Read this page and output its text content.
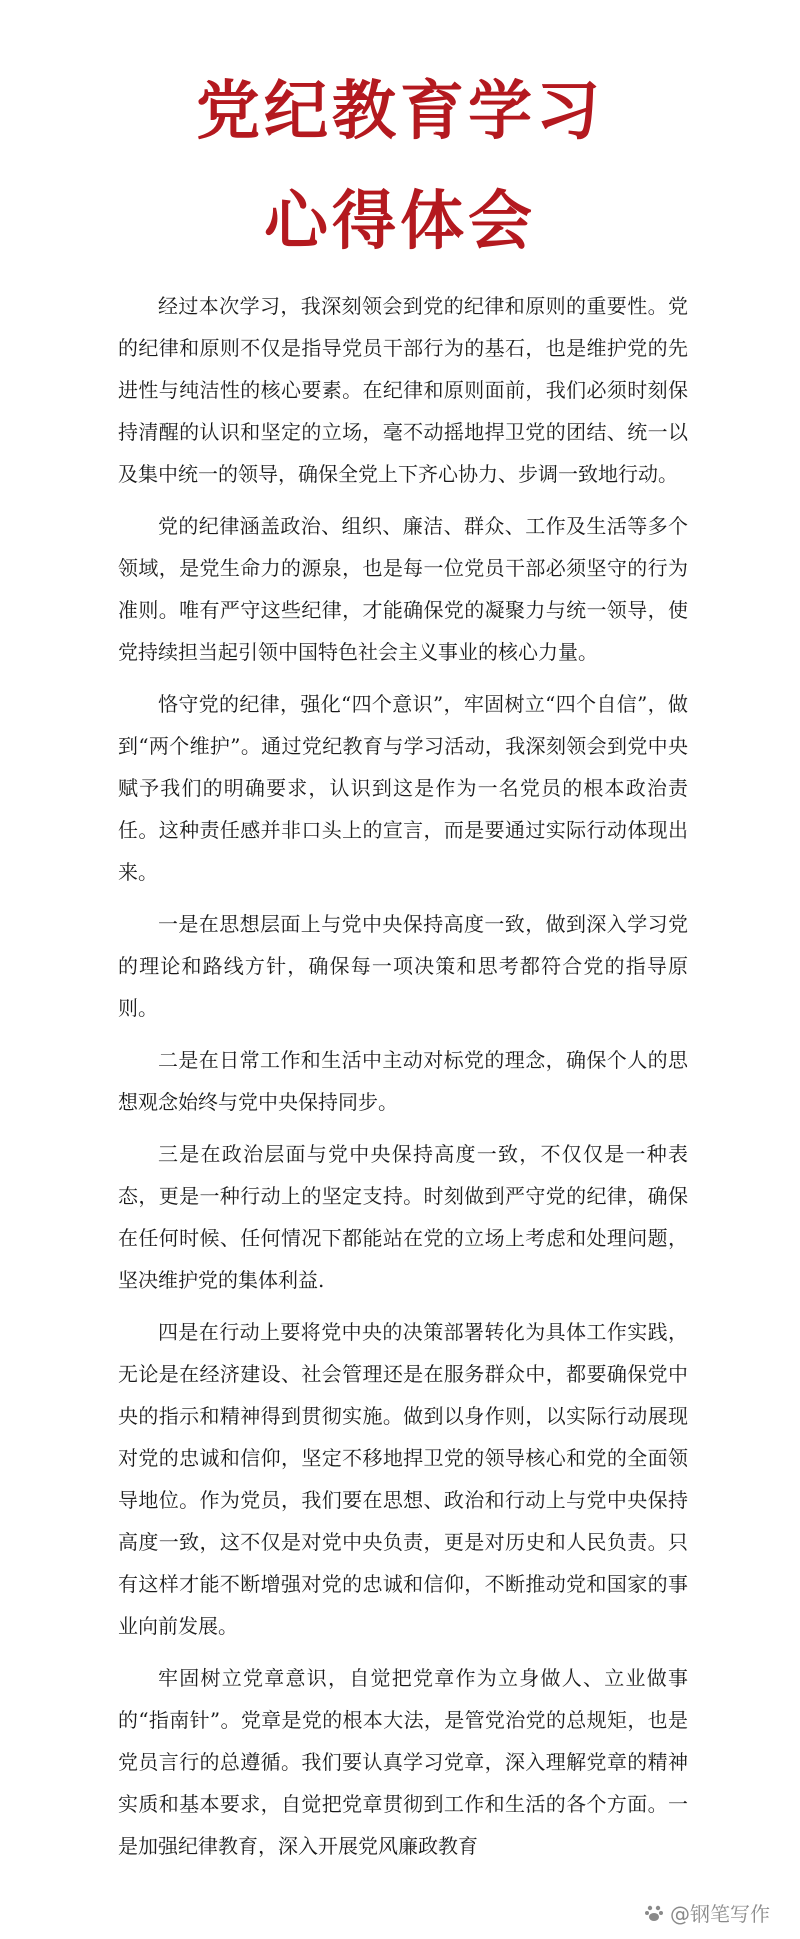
党纪教育学习
心得体会

经过本次学习，我深刻领会到党的纪律和原则的重要性。党的纪律和原则不仅是指导党员干部行为的基石，也是维护党的先进性与纯洁性的核心要素。在纪律和原则面前，我们必须时刻保持清醒的认识和坚定的立场，毫不动摇地捍卫党的团结、统一以及集中统一的领导，确保全党上下齐心协力、步调一致地行动。

党的纪律涵盖政治、组织、廉洁、群众、工作及生活等多个领域，是党生命力的源泉，也是每一位党员干部必须坚守的行为准则。唯有严守这些纪律，才能确保党的凝聚力与统一领导，使党持续担当起引领中国特色社会主义事业的核心力量。

恪守党的纪律，强化“四个意识”，牢固树立“四个自信”，做到“两个维护”。通过党纪教育与学习活动，我深刻领会到党中央赋予我们的明确要求，认识到这是作为一名党员的根本政治责任。这种责任感并非口头上的宣言，而是要通过实际行动体现出来。

一是在思想层面上与党中央保持高度一致，做到深入学习党的理论和路线方针，确保每一项决策和思考都符合党的指导原则。

二是在日常工作和生活中主动对标党的理念，确保个人的思想观念始终与党中央保持同步。

三是在政治层面与党中央保持高度一致，不仅仅是一种表态，更是一种行动上的坚定支持。时刻做到严守党的纪律，确保在任何时候、任何情况下都能站在党的立场上考虑和处理问题，坚决维护党的集体利益.

四是在行动上要将党中央的决策部署转化为具体工作实践，无论是在经济建设、社会管理还是在服务群众中，都要确保党中央的指示和精神得到贯彻实施。做到以身作则，以实际行动展现对党的忠诚和信仰，坚定不移地捍卫党的领导核心和党的全面领导地位。作为党员，我们要在思想、政治和行动上与党中央保持高度一致，这不仅是对党中央负责，更是对历史和人民负责。只有这样才能不断增强对党的忠诚和信仰，不断推动党和国家的事业向前发展。

牢固树立党章意识，自觉把党章作为立身做人、立业做事的“指南针”。党章是党的根本大法，是管党治党的总规矩，也是党员言行的总遵循。我们要认真学习党章，深入理解党章的精神实质和基本要求，自觉把党章贯彻到工作和生活的各个方面。一是加强纪律教育，深入开展党风廉政教育

@钢笔写作
